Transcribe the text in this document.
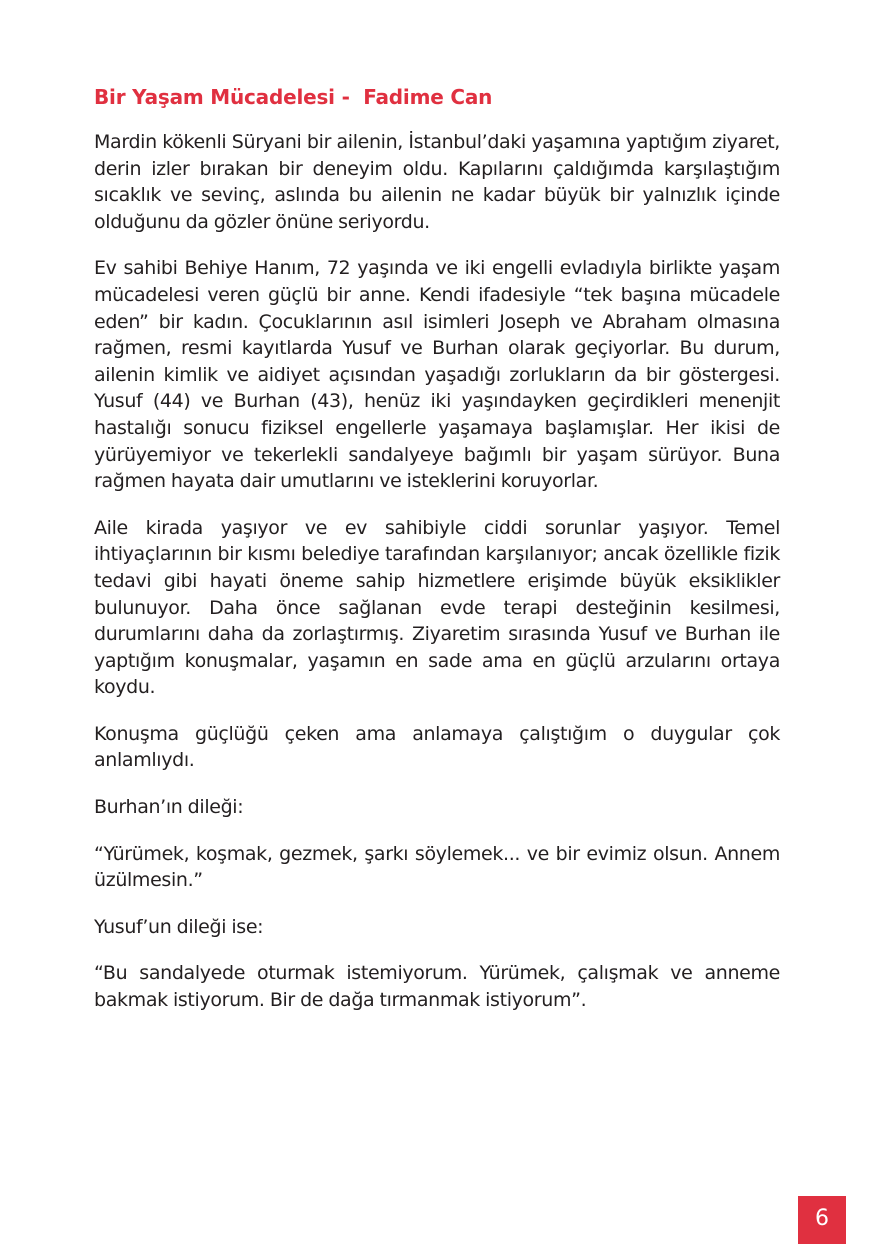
Bir Yaşam Mücadelesi -  Fadime Can

Mardin kökenli Süryani bir ailenin, İstanbul’daki yaşamına yaptığım ziyaret, derin izler bırakan bir deneyim oldu. Kapılarını çaldığımda karşılaştığım sıcaklık ve sevinç, aslında bu ailenin ne kadar büyük bir yalnızlık içinde olduğunu da gözler önüne seriyordu.

Ev sahibi Behiye Hanım, 72 yaşında ve iki engelli evladıyla birlikte yaşam mücadelesi veren güçlü bir anne. Kendi ifadesiyle “tek başına mücadele eden” bir kadın. Çocuklarının asıl isimleri Joseph ve Abraham olmasına rağmen, resmi kayıtlarda Yusuf ve Burhan olarak geçiyorlar. Bu durum, ailenin kimlik ve aidiyet açısından yaşadığı zorlukların da bir göstergesi. Yusuf (44) ve Burhan (43), henüz iki yaşındayken geçirdikleri menenjit hastalığı sonucu fiziksel engellerle yaşamaya başlamışlar. Her ikisi de yürüyemiyor ve tekerlekli sandalyeye bağımlı bir yaşam sürüyor. Buna rağmen hayata dair umutlarını ve isteklerini koruyorlar.

Aile kirada yaşıyor ve ev sahibiyle ciddi sorunlar yaşıyor. Temel ihtiyaçlarının bir kısmı belediye tarafından karşılanıyor; ancak özellikle fizik tedavi gibi hayati öneme sahip hizmetlere erişimde büyük eksiklikler bulunuyor. Daha önce sağlanan evde terapi desteğinin kesilmesi, durumlarını daha da zorlaştırmış. Ziyaretim sırasında Yusuf ve Burhan ile yaptığım konuşmalar, yaşamın en sade ama en güçlü arzularını ortaya koydu.

Konuşma güçlüğü çeken ama anlamaya çalıştığım o duygular çok anlamlıydı.

Burhan’ın dileği:

“Yürümek, koşmak, gezmek, şarkı söylemek... ve bir evimiz olsun. Annem üzülmesin.”

Yusuf’un dileği ise:

“Bu sandalyede oturmak istemiyorum. Yürümek, çalışmak ve anneme bakmak istiyorum. Bir de dağa tırmanmak istiyorum”.

6
